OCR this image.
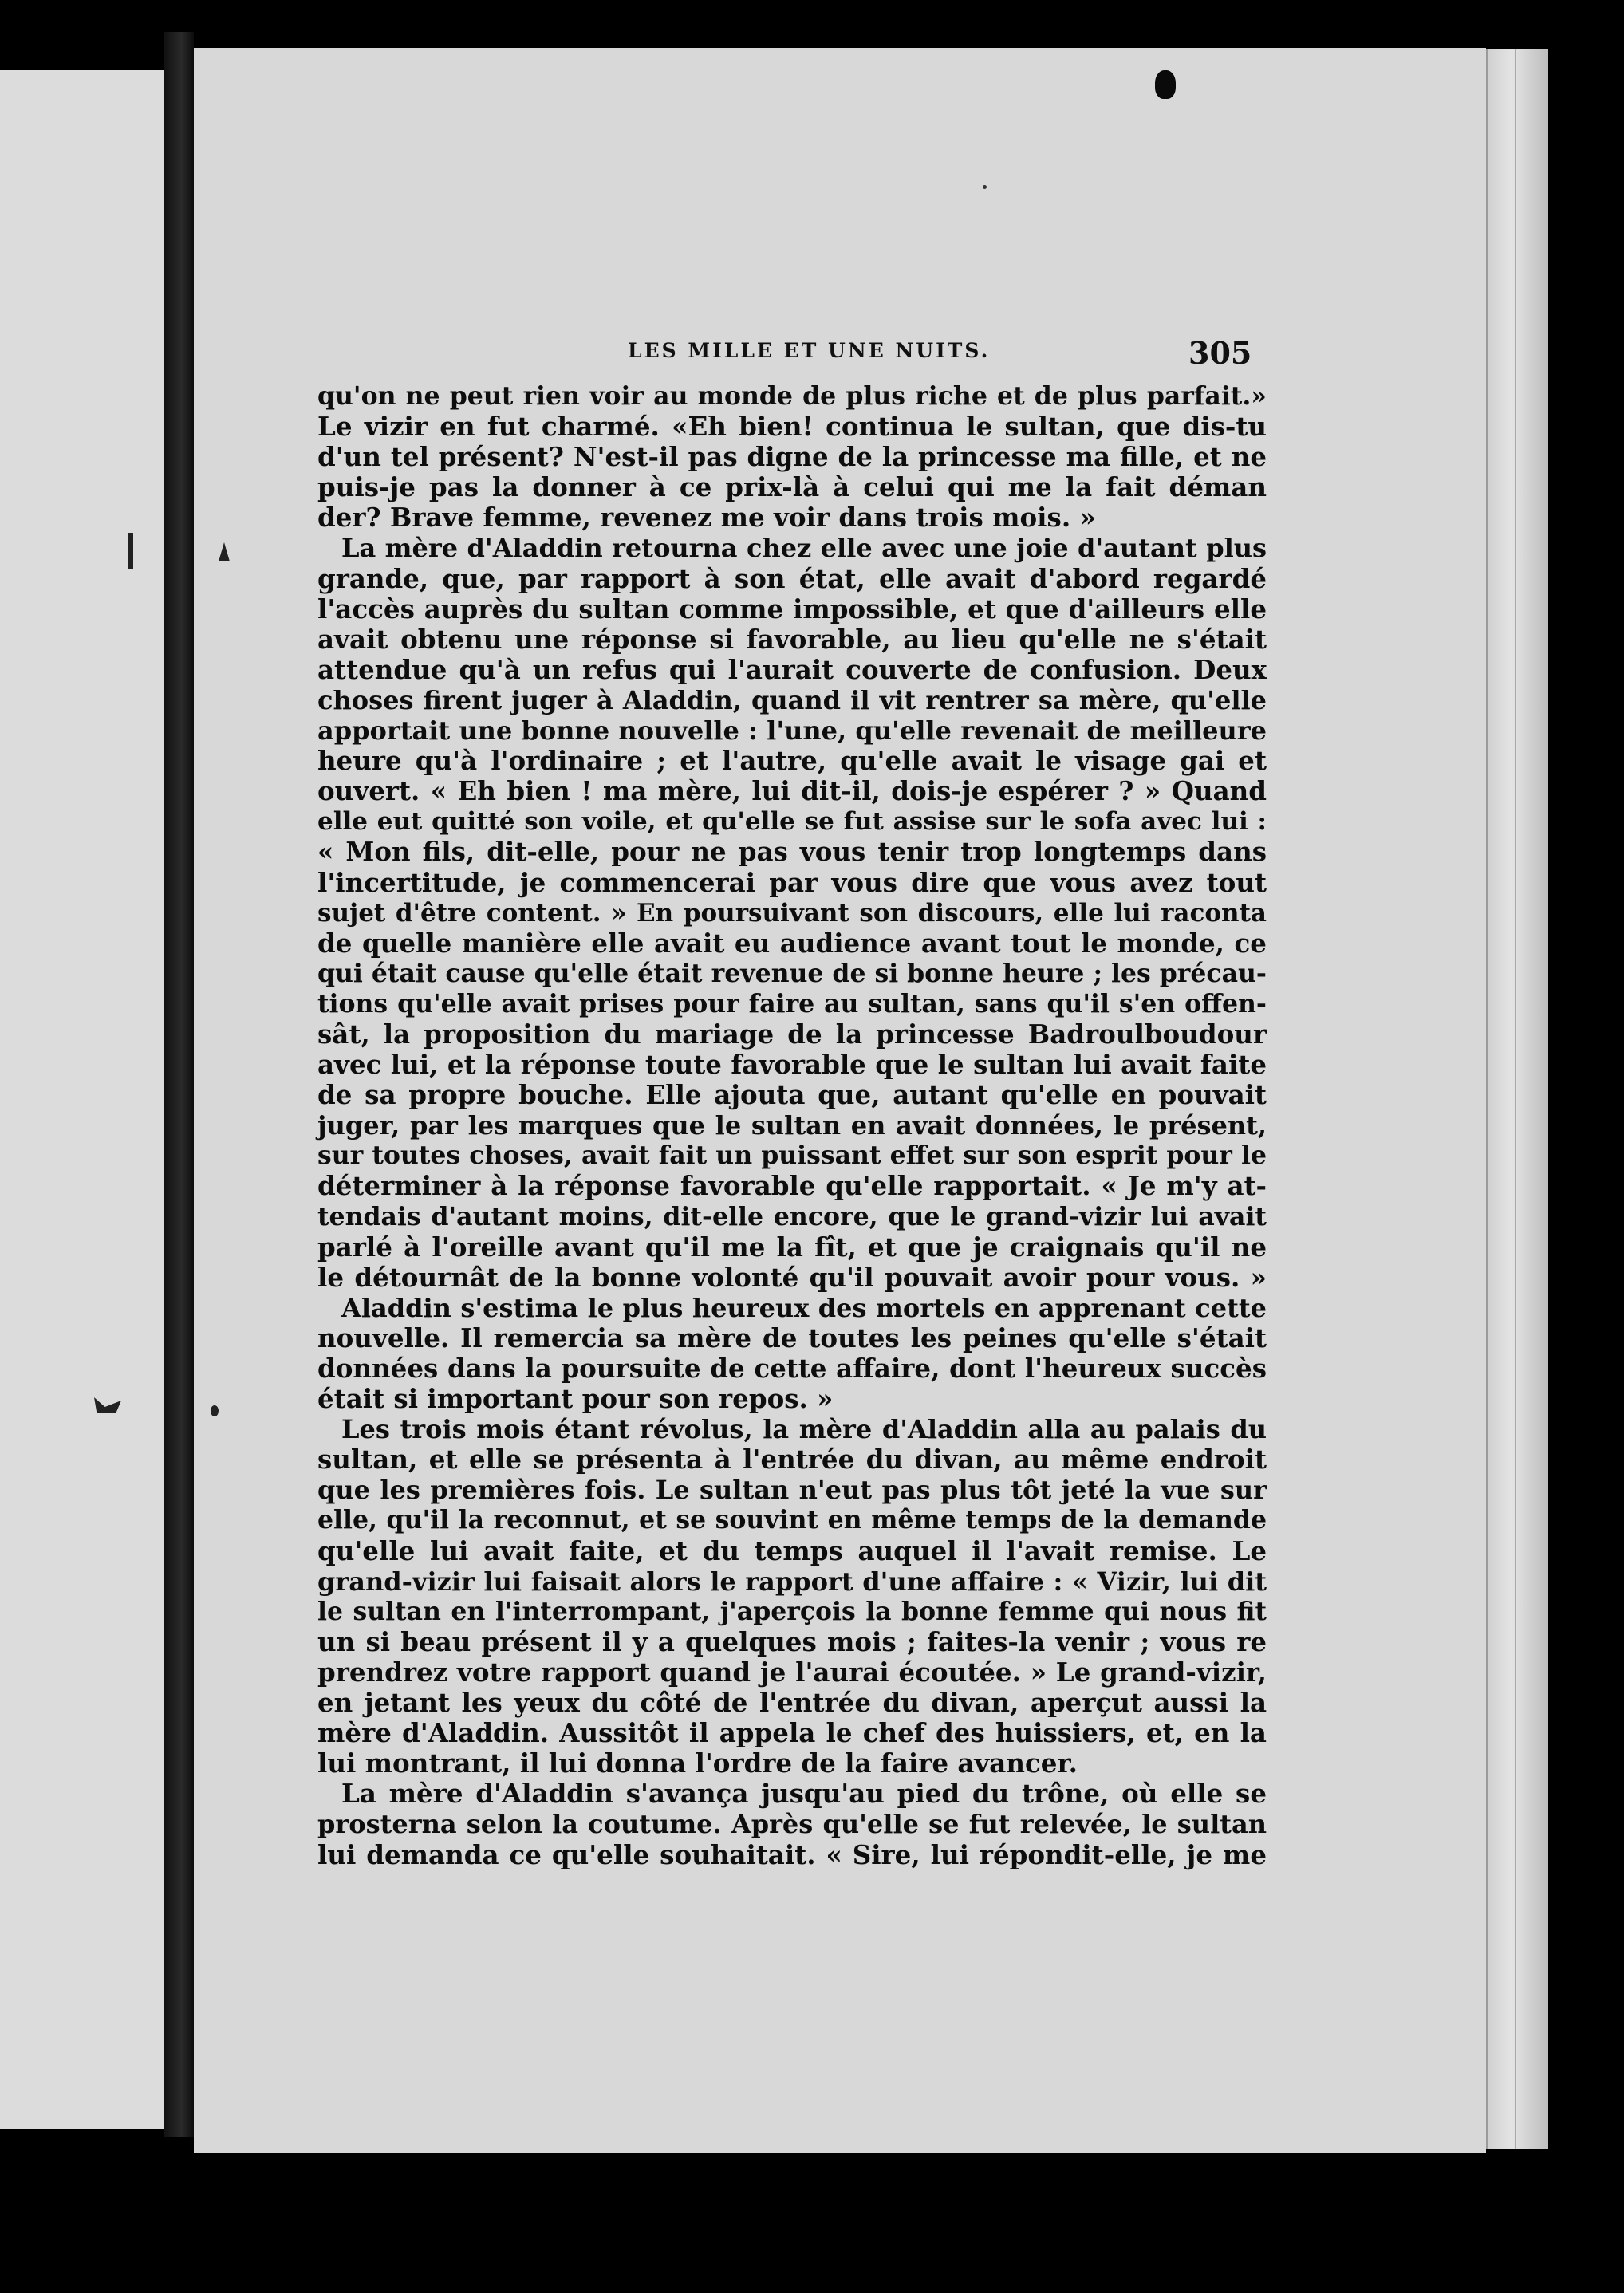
LES MILLE ET UNE NUITS.	305
qu'on ne peut rien voir au monde de plus riche et de plus parfait.»
Le vizir en fut charmé. «Eh bien! continua le sultan, que dis-tu
d'un tel présent? N'est-il pas digne de la princesse ma fille, et ne
puis-je pas la donner à ce prix-là à celui qui me la fait déman
der? Brave femme, revenez me voir dans trois mois. »
La mère d'Aladdin retourna chez elle avec une joie d'autant plus
grande, que, par rapport à son état, elle avait d'abord regardé
l'accès auprès du sultan comme impossible, et que d'ailleurs elle
avait obtenu une réponse si favorable, au lieu qu'elle ne s'était
attendue qu'à un refus qui l'aurait couverte de confusion. Deux
choses firent juger à Aladdin, quand il vit rentrer sa mère, qu'elle
apportait une bonne nouvelle : l'une, qu'elle revenait de meilleure
heure qu'à l'ordinaire ; et l'autre, qu'elle avait le visage gai et
ouvert. « Eh bien ! ma mère, lui dit-il, dois-je espérer ? » Quand
elle eut quitté son voile, et qu'elle se fut assise sur le sofa avec lui :
« Mon fils, dit-elle, pour ne pas vous tenir trop longtemps dans
l'incertitude, je commencerai par vous dire que vous avez tout
sujet d'être content. » En poursuivant son discours, elle lui raconta
de quelle manière elle avait eu audience avant tout le monde, ce
qui était cause qu'elle était revenue de si bonne heure ; les précau-
tions qu'elle avait prises pour faire au sultan, sans qu'il s'en offen-
sât, la proposition du mariage de la princesse Badroulboudour
avec lui, et la réponse toute favorable que le sultan lui avait faite
de sa propre bouche. Elle ajouta que, autant qu'elle en pouvait
juger, par les marques que le sultan en avait données, le présent,
sur toutes choses, avait fait un puissant effet sur son esprit pour le
déterminer à la réponse favorable qu'elle rapportait. « Je m'y at-
tendais d'autant moins, dit-elle encore, que le grand-vizir lui avait
parlé à l'oreille avant qu'il me la fît, et que je craignais qu'il ne
le détournât de la bonne volonté qu'il pouvait avoir pour vous. »
Aladdin s'estima le plus heureux des mortels en apprenant cette
nouvelle. Il remercia sa mère de toutes les peines qu'elle s'était
données dans la poursuite de cette affaire, dont l'heureux succès
était si important pour son repos. »
Les trois mois étant révolus, la mère d'Aladdin alla au palais du
sultan, et elle se présenta à l'entrée du divan, au même endroit
que les premières fois. Le sultan n'eut pas plus tôt jeté la vue sur
elle, qu'il la reconnut, et se souvint en même temps de la demande
qu'elle lui avait faite, et du temps auquel il l'avait remise. Le
grand-vizir lui faisait alors le rapport d'une affaire : « Vizir, lui dit
le sultan en l'interrompant, j'aperçois la bonne femme qui nous fit
un si beau présent il y a quelques mois ; faites-la venir ; vous re
prendrez votre rapport quand je l'aurai écoutée. » Le grand-vizir,
en jetant les yeux du côté de l'entrée du divan, aperçut aussi la
mère d'Aladdin. Aussitôt il appela le chef des huissiers, et, en la
lui montrant, il lui donna l'ordre de la faire avancer.
La mère d'Aladdin s'avança jusqu'au pied du trône, où elle se
prosterna selon la coutume. Après qu'elle se fut relevée, le sultan
lui demanda ce qu'elle souhaitait. « Sire, lui répondit-elle, je me
